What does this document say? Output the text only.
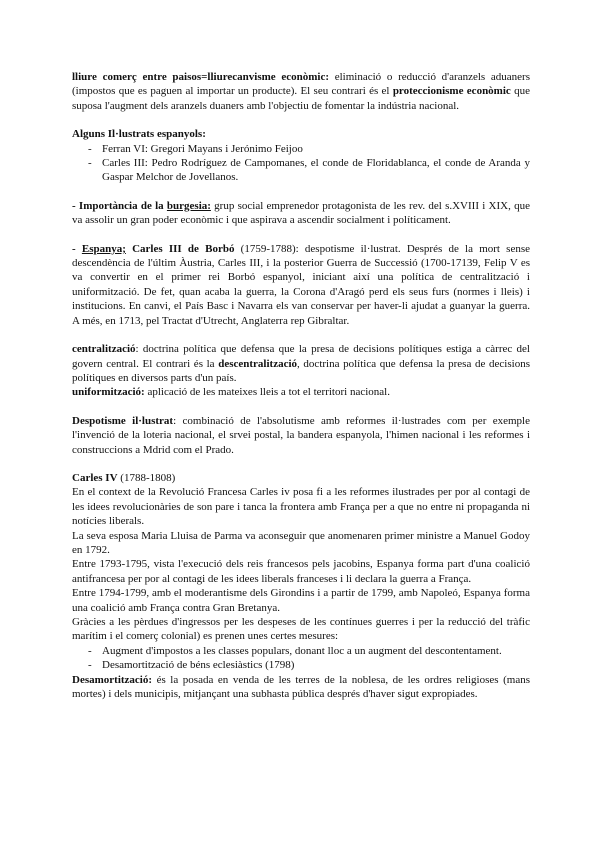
lliure comerç entre paisos=lliurecanvisme econòmic: eliminació o reducció d'aranzels aduaners (impostos que es paguen al importar un producte). El seu contrari és el proteccionisme econòmic que suposa l'augment dels aranzels duaners amb l'objectiu de fomentar la indústria nacional.

Alguns Il·lustrats espanyols:

- Ferran VI: Gregori Mayans i Jerónimo Feijoo
- Carles III: Pedro Rodríguez de Campomanes, el conde de Floridablanca, el conde de Aranda y Gaspar Melchor de Jovellanos.

- Importància de la burgesia: grup social emprenedor protagonista de les rev. del s.XVIII i XIX, que va assolir un gran poder econòmic i que aspirava a ascendir socialment i políticament.

- Espanya; Carles III de Borbó (1759-1788): despotisme il·lustrat. Després de la mort sense descendència de l'últim Àustria, Carles III, i la posterior Guerra de Successió (1700-17139, Felip V es va convertir en el primer rei Borbó espanyol, iniciant així una política de centralització i uniformització. De fet, quan acaba la guerra, la Corona d'Aragó perd els seus furs (normes i lleis) i institucions. En canvi, el País Basc i Navarra els van conservar per haver-li ajudat a guanyar la guerra. A més, en 1713, pel Tractat d'Utrecht, Anglaterra rep Gibraltar.

centralització: doctrina política que defensa que la presa de decisions polítiques estiga a càrrec del govern central. El contrari és la descentralització, doctrina política que defensa la presa de decisions polítiques en diversos parts d'un país.

uniformització: aplicació de les mateixes lleis a tot el territori nacional.

Despotisme il·lustrat: combinació de l'absolutisme amb reformes il·lustrades com per exemple l'invenció de la loteria nacional, el srvei postal, la bandera espanyola, l'himen nacional i les reformes i construccions a Mdrid com el Prado.

Carles IV (1788-1808)

En el context de la Revolució Francesa Carles iv posa fi a les reformes ilustrades per por al contagi de les idees revolucionàries de son pare i tanca la frontera amb França per a que no entre ni propaganda ni notícies liberals.

La seva esposa Maria Lluisa de Parma va aconseguir que anomenaren primer ministre a Manuel Godoy en 1792.

Entre 1793-1795, vista l'execució dels reis francesos pels jacobins, Espanya forma part d'una coalició antifrancesa per por al contagi de les idees liberals franceses i li declara la guerra a França.

Entre 1794-1799, amb el moderantisme dels Girondins i a partir de 1799, amb Napoleó, Espanya forma una coalició amb França contra Gran Bretanya.

Gràcies a les pèrdues d'ingressos per les despeses de les contínues guerres i per la reducció del tràfic marítim i el comerç colonial) es prenen unes certes mesures:

- Augment d'impostos a les classes populars, donant lloc a un augment del descontentament.
- Desamortització de béns eclesiàstics (1798)

Desamortització: és la posada en venda de les terres de la noblesa, de les ordres religioses (mans mortes) i dels municipis, mitjançant una subhasta pública després d'haver sigut expropiades.
